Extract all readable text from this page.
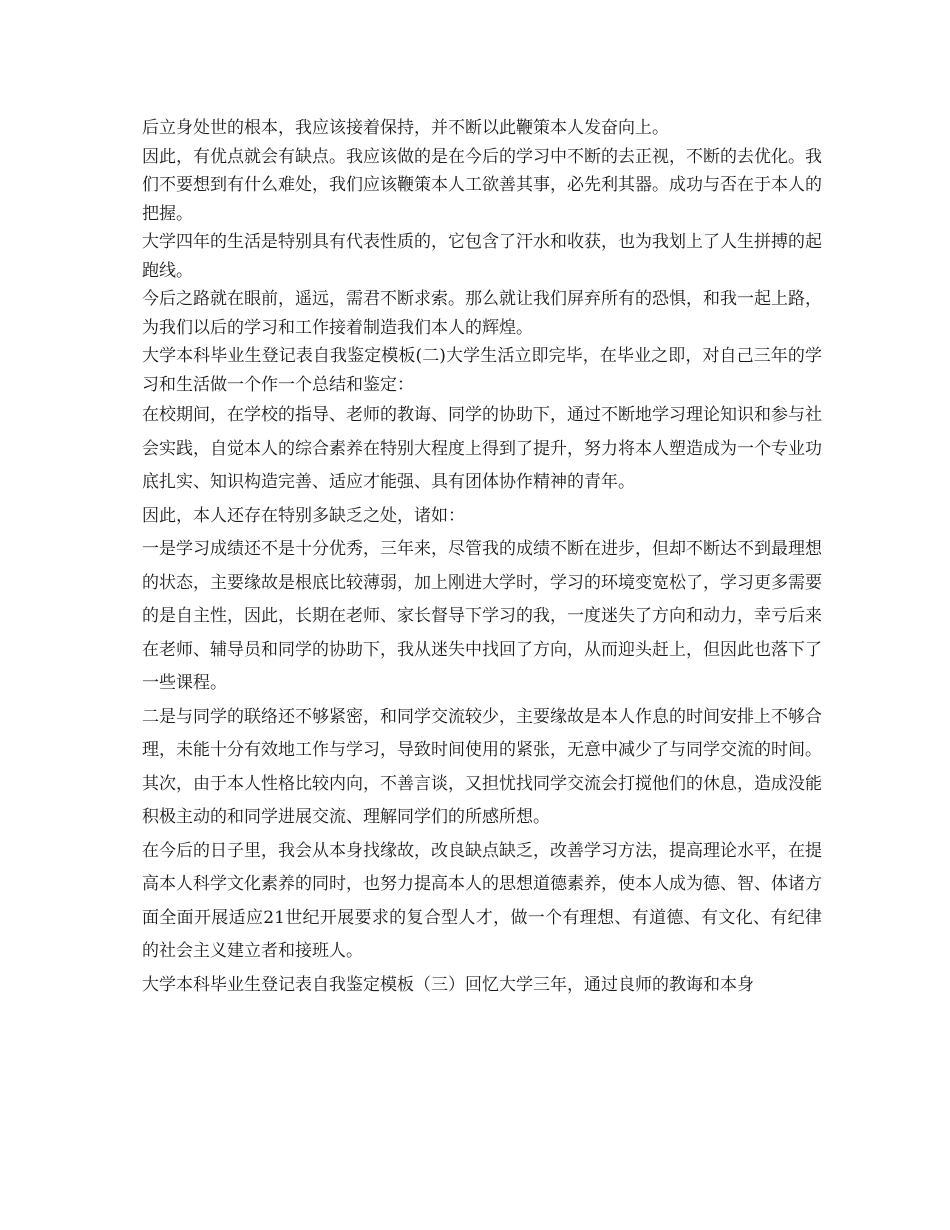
后立身处世的根本，我应该接着保持，并不断以此鞭策本人发奋向上。

因此，有优点就会有缺点。我应该做的是在今后的学习中不断的去正视，不断的去优化。我们不要想到有什么难处，我们应该鞭策本人工欲善其事，必先利其器。成功与否在于本人的把握。

大学四年的生活是特别具有代表性质的，它包含了汗水和收获，也为我划上了人生拼搏的起跑线。

今后之路就在眼前，遥远，需君不断求索。那么就让我们屏弃所有的恐惧，和我一起上路，为我们以后的学习和工作接着制造我们本人的辉煌。

大学本科毕业生登记表自我鉴定模板(二)大学生活立即完毕，在毕业之即，对自己三年的学习和生活做一个作一个总结和鉴定：

在校期间，在学校的指导、老师的教诲、同学的协助下，通过不断地学习理论知识和参与社会实践，自觉本人的综合素养在特别大程度上得到了提升，努力将本人塑造成为一个专业功底扎实、知识构造完善、适应才能强、具有团体协作精神的青年。

因此，本人还存在特别多缺乏之处，诸如：

一是学习成绩还不是十分优秀，三年来，尽管我的成绩不断在进步，但却不断达不到最理想的状态，主要缘故是根底比较薄弱，加上刚进大学时，学习的环境变宽松了，学习更多需要的是自主性，因此，长期在老师、家长督导下学习的我，一度迷失了方向和动力，幸亏后来在老师、辅导员和同学的协助下，我从迷失中找回了方向，从而迎头赶上，但因此也落下了一些课程。

二是与同学的联络还不够紧密，和同学交流较少，主要缘故是本人作息的时间安排上不够合理，未能十分有效地工作与学习，导致时间使用的紧张，无意中减少了与同学交流的时间。其次，由于本人性格比较内向，不善言谈，又担忧找同学交流会打搅他们的休息，造成没能积极主动的和同学进展交流、理解同学们的所感所想。

在今后的日子里，我会从本身找缘故，改良缺点缺乏，改善学习方法，提高理论水平，在提高本人科学文化素养的同时，也努力提高本人的思想道德素养，使本人成为德、智、体诸方面全面开展适应21世纪开展要求的复合型人才，做一个有理想、有道德、有文化、有纪律的社会主义建立者和接班人。

大学本科毕业生登记表自我鉴定模板（三）回忆大学三年，通过良师的教诲和本身
